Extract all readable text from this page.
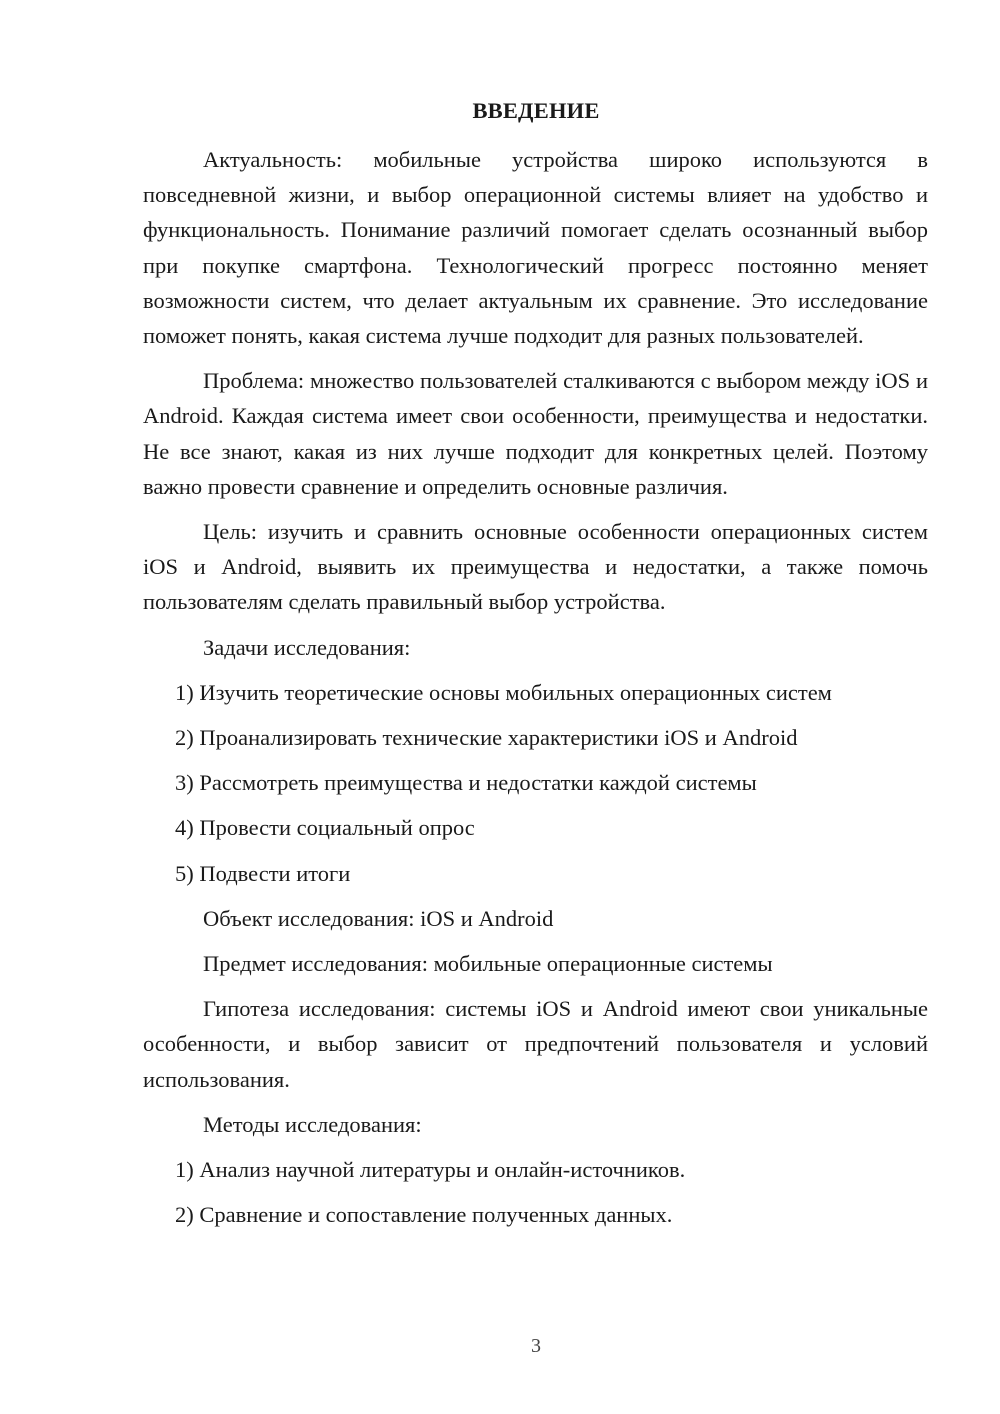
ВВЕДЕНИЕ

Актуальность: мобильные устройства широко используются в повседневной жизни, и выбор операционной системы влияет на удобство и функциональность. Понимание различий помогает сделать осознанный выбор при покупке смартфона. Технологический прогресс постоянно меняет возможности систем, что делает актуальным их сравнение. Это исследование поможет понять, какая система лучше подходит для разных пользователей.

Проблема: множество пользователей сталкиваются с выбором между iOS и Android. Каждая система имеет свои особенности, преимущества и недостатки. Не все знают, какая из них лучше подходит для конкретных целей. Поэтому важно провести сравнение и определить основные различия.

Цель: изучить и сравнить основные особенности операционных систем iOS и Android, выявить их преимущества и недостатки, а также помочь пользователям сделать правильный выбор устройства.

Задачи исследования:

1) Изучить теоретические основы мобильных операционных систем

2) Проанализировать технические характеристики iOS и Android

3) Рассмотреть преимущества и недостатки каждой системы

4) Провести социальный опрос

5) Подвести итоги

Объект исследования: iOS и Android

Предмет исследования: мобильные операционные системы

Гипотеза исследования: системы iOS и Android имеют свои уникальные особенности, и выбор зависит от предпочтений пользователя и условий использования.

Методы исследования:

1) Анализ научной литературы и онлайн-источников.

2) Сравнение и сопоставление полученных данных.

3
